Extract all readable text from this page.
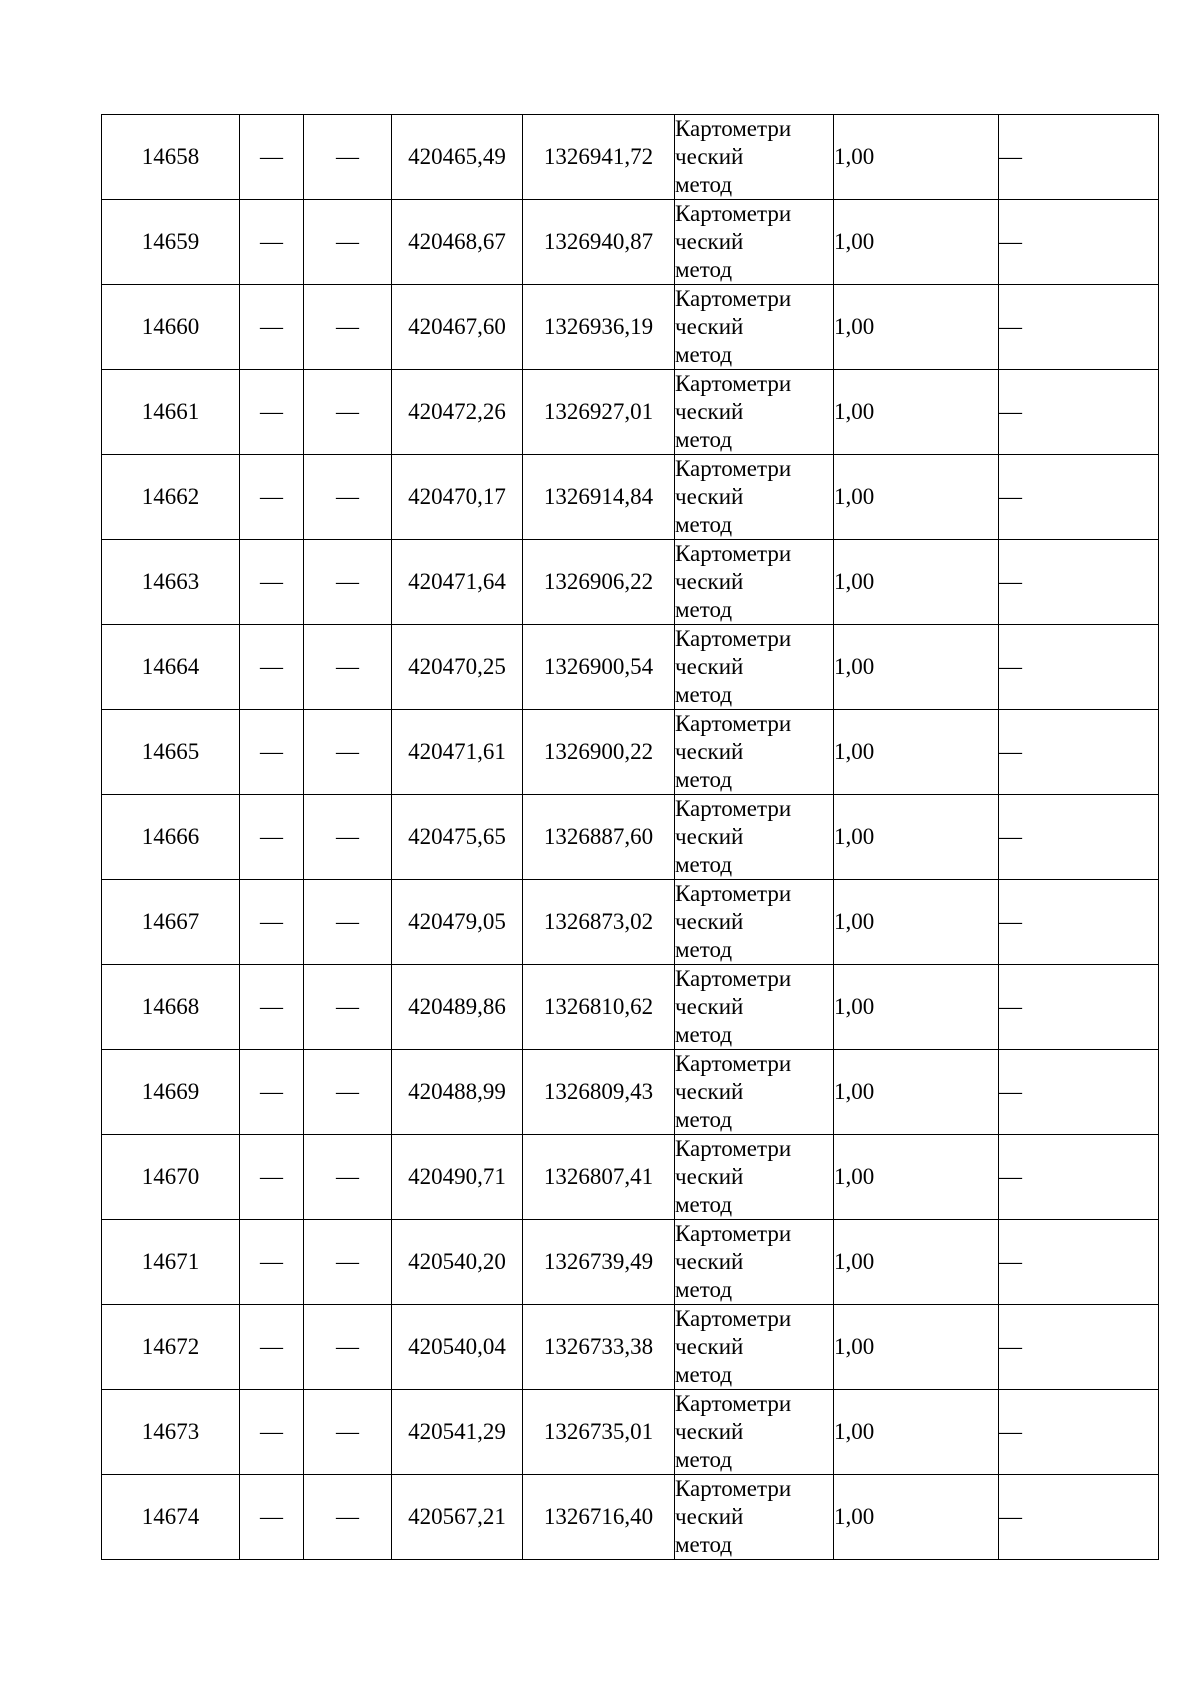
14658	—	—	420465,49	1326941,72	Картометри
ческий
метод	1,00	—
14659	—	—	420468,67	1326940,87	Картометри
ческий
метод	1,00	—
14660	—	—	420467,60	1326936,19	Картометри
ческий
метод	1,00	—
14661	—	—	420472,26	1326927,01	Картометри
ческий
метод	1,00	—
14662	—	—	420470,17	1326914,84	Картометри
ческий
метод	1,00	—
14663	—	—	420471,64	1326906,22	Картометри
ческий
метод	1,00	—
14664	—	—	420470,25	1326900,54	Картометри
ческий
метод	1,00	—
14665	—	—	420471,61	1326900,22	Картометри
ческий
метод	1,00	—
14666	—	—	420475,65	1326887,60	Картометри
ческий
метод	1,00	—
14667	—	—	420479,05	1326873,02	Картометри
ческий
метод	1,00	—
14668	—	—	420489,86	1326810,62	Картометри
ческий
метод	1,00	—
14669	—	—	420488,99	1326809,43	Картометри
ческий
метод	1,00	—
14670	—	—	420490,71	1326807,41	Картометри
ческий
метод	1,00	—
14671	—	—	420540,20	1326739,49	Картометри
ческий
метод	1,00	—
14672	—	—	420540,04	1326733,38	Картометри
ческий
метод	1,00	—
14673	—	—	420541,29	1326735,01	Картометри
ческий
метод	1,00	—
14674	—	—	420567,21	1326716,40	Картометри
ческий
метод	1,00	—
